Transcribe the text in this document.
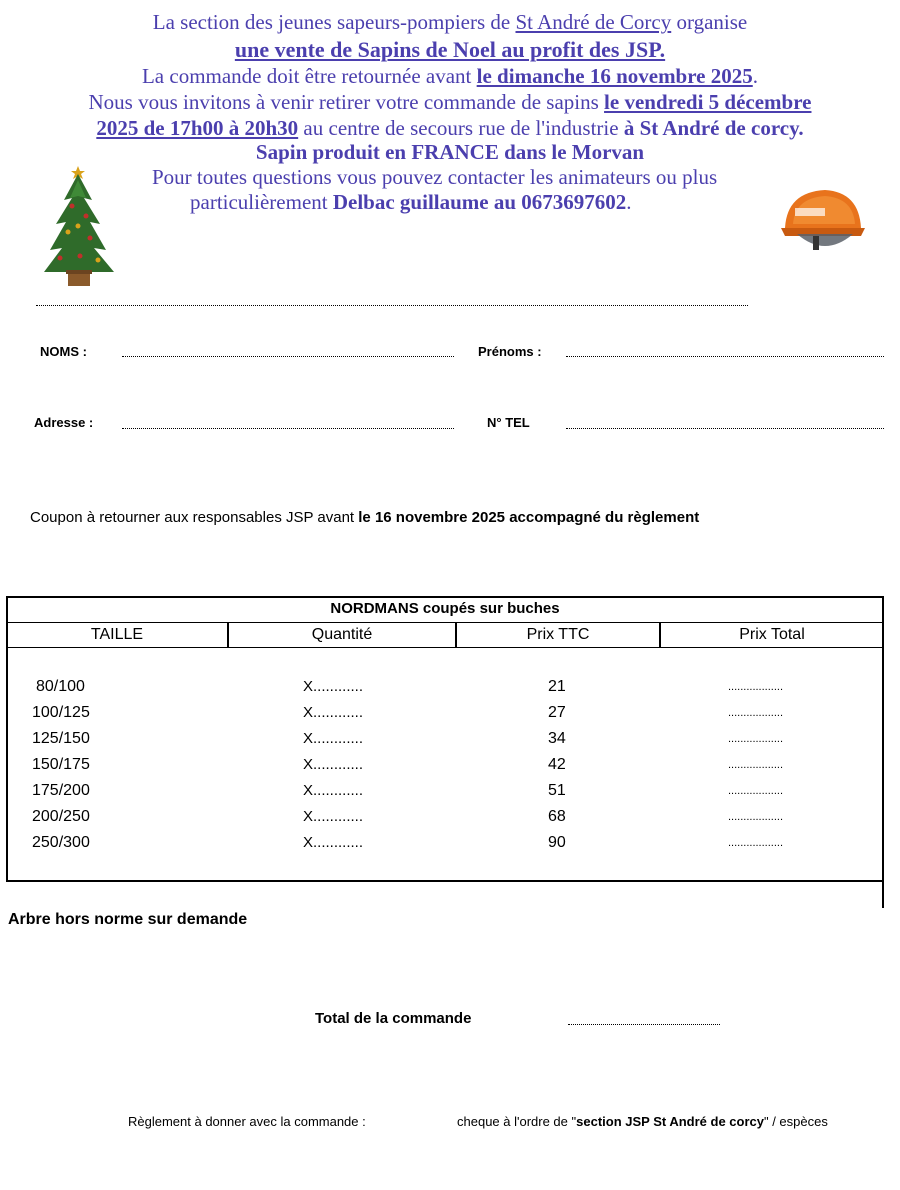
La section des jeunes sapeurs-pompiers de St André de Corcy organise
une vente de Sapins de Noel au profit des JSP.
La commande doit être retournée avant le dimanche 16 novembre 2025.
Nous vous invitons à venir retirer votre commande de sapins le vendredi 5 décembre
2025 de 17h00 à 20h30 au centre de secours rue de l'industrie à St André de corcy.
Sapin produit en FRANCE dans le Morvan
Pour toutes questions vous pouvez contacter les animateurs ou plus
particulièrement Delbac guillaume au 0673697602.
NOMS :	Prénoms :
Adresse :	N° TEL
Coupon à retourner aux responsables JSP avant le 16 novembre 2025 accompagné du règlement
NORDMANS coupés sur buches
TAILLE	Quantité	Prix TTC	Prix Total
80/100	X............	21	..................
100/125	X............	27	..................
125/150	X............	34	..................
150/175	X............	42	..................
175/200	X............	51	..................
200/250	X............	68	..................
250/300	X............	90	..................
Arbre hors norme sur demande
Total de la commande
Règlement à donner avec la commande :	cheque à l'ordre de "section JSP St André de corcy" / espèces
